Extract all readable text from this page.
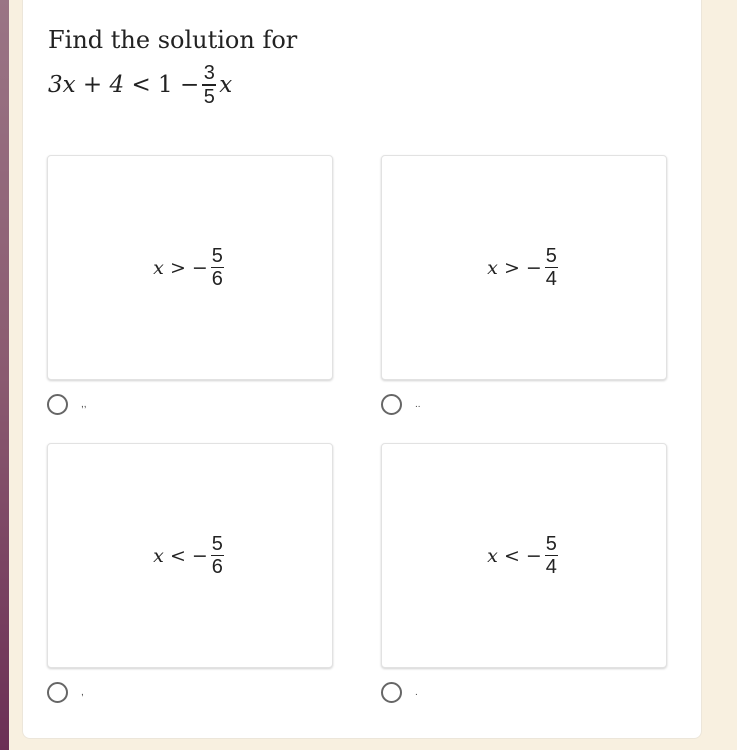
Find the solution for
3x + 4 <
$1 - \frac{3}{5}$ x
x
>
− $\frac{5}{6}$
,,
x
>
− $\frac{5}{4}$
..
x
<
− $\frac{5}{6}$
,
x
<
− $\frac{5}{4}$
.
